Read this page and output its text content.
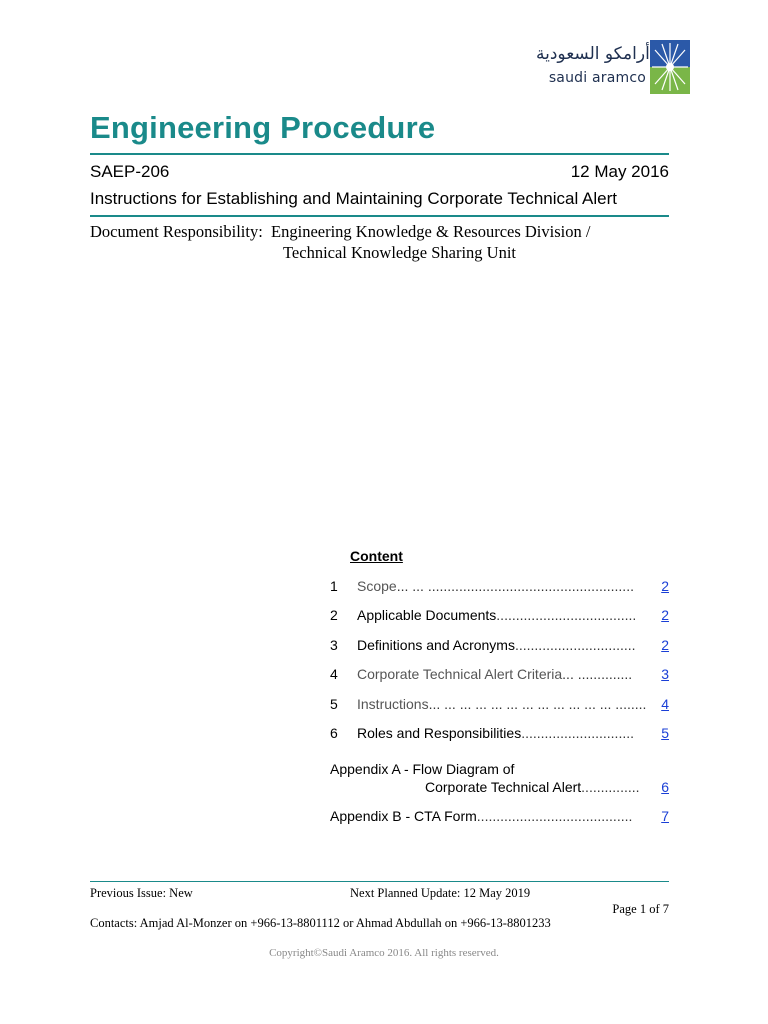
أرامكو السعودية
saudi aramco
Engineering Procedure
SAEP-206	12 May 2016
Instructions for Establishing and Maintaining Corporate Technical Alert
Document Responsibility: Engineering Knowledge & Resources Division /
Technical Knowledge Sharing Unit
Content
1	Scope ... ... .....................................................	2
2	Applicable Documents ....................................	2
3	Definitions and Acronyms ...............................	2
4	Corporate Technical Alert Criteria ... ..............	3
5	Instructions ... ... ... ... ... ... ... ... ... ... ... ... ........	4
6	Roles and Responsibilities .............................	5
Appendix A - Flow Diagram of
Corporate Technical Alert ...............	6
Appendix B - CTA Form ........................................	7
Previous Issue: New	Next Planned Update: 12 May 2019
Page 1 of 7
Contacts: Amjad Al-Monzer on +966-13-8801112 or Ahmad Abdullah on +966-13-8801233
Copyright©Saudi Aramco 2016. All rights reserved.
